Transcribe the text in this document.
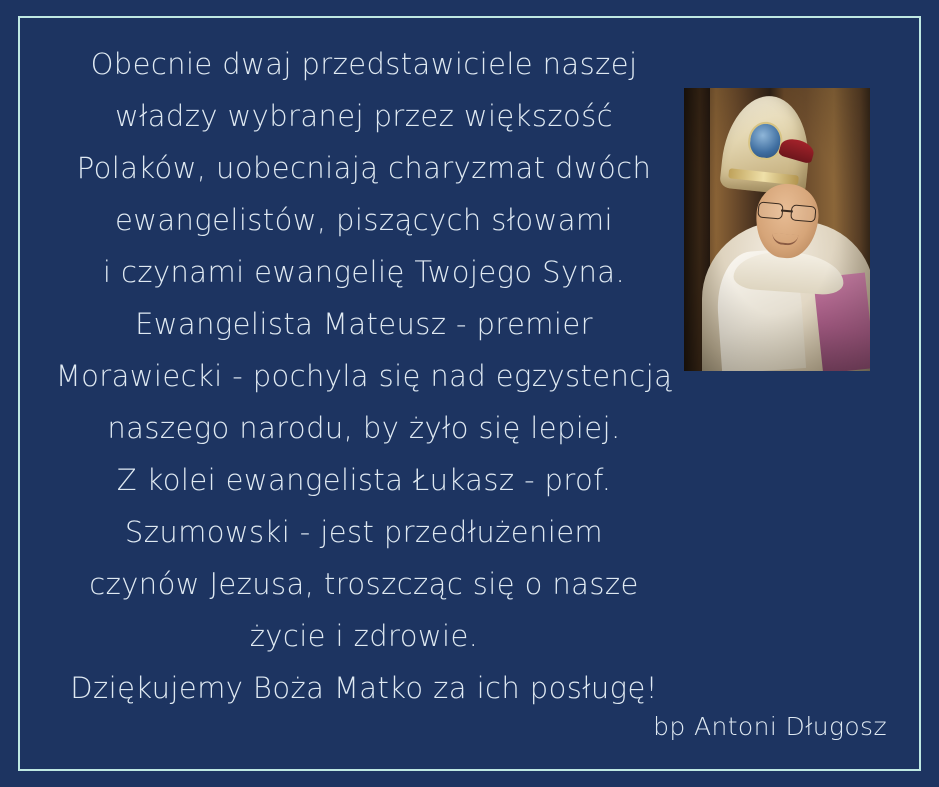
Obecnie dwaj przedstawiciele naszej
władzy wybranej przez większość
Polaków, uobecniają charyzmat dwóch
ewangelistów, piszących słowami
i czynami ewangelię Twojego Syna.
Ewangelista Mateusz - premier
Morawiecki - pochyla się nad egzystencją
naszego narodu, by żyło się lepiej.
Z kolei ewangelista Łukasz - prof.
Szumowski - jest przedłużeniem
czynów Jezusa, troszcząc się o nasze
życie i zdrowie.
Dziękujemy Boża Matko za ich posługę!
bp Antoni Długosz
